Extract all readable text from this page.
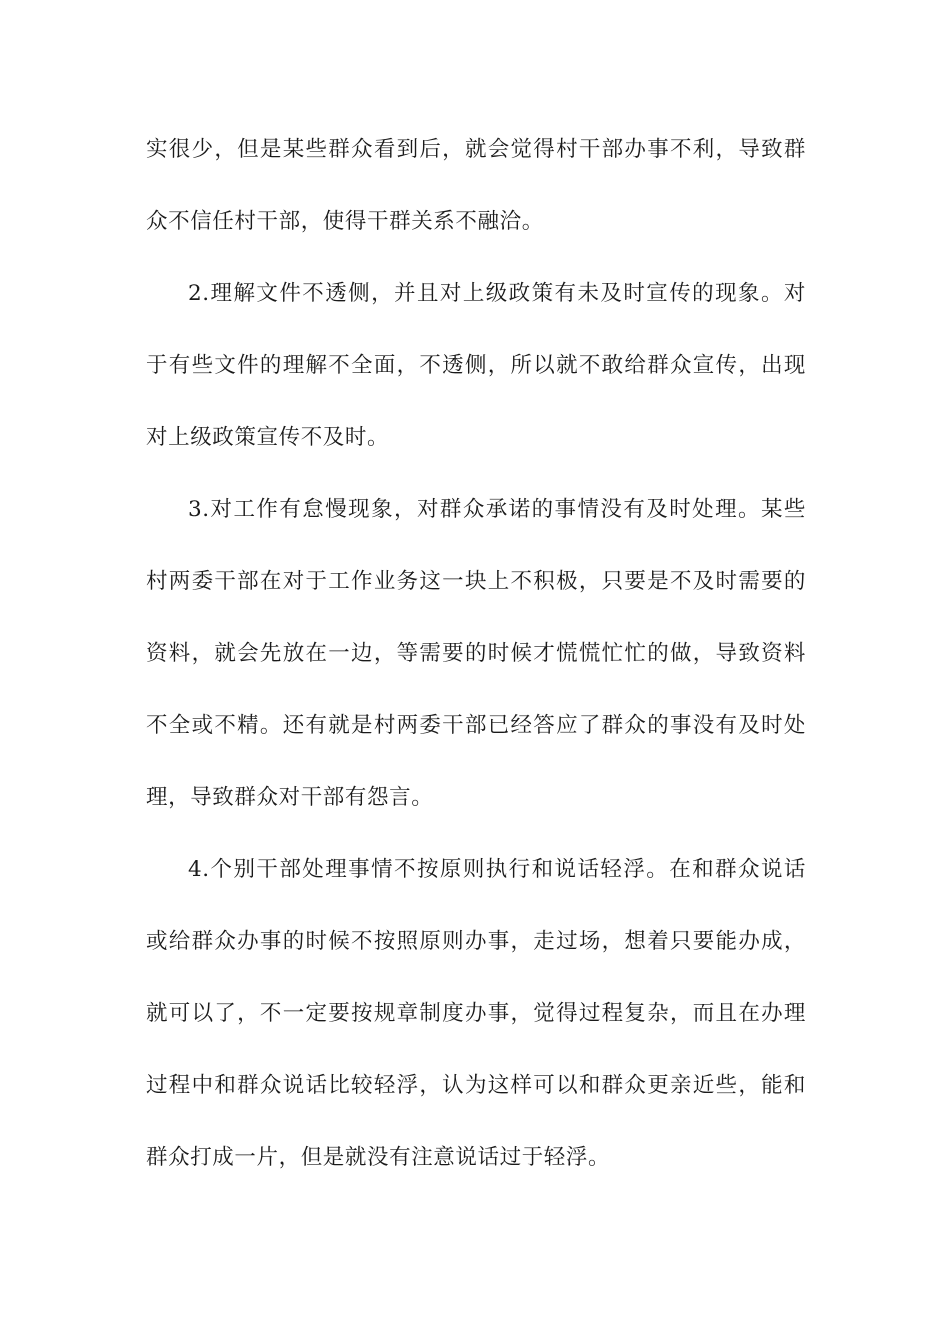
实很少，但是某些群众看到后，就会觉得村干部办事不利，导致群
众不信任村干部，使得干群关系不融洽。
2.理解文件不透侧，并且对上级政策有未及时宣传的现象。对
于有些文件的理解不全面，不透侧，所以就不敢给群众宣传，出现
对上级政策宣传不及时。
3.对工作有怠慢现象，对群众承诺的事情没有及时处理。某些
村两委干部在对于工作业务这一块上不积极，只要是不及时需要的
资料，就会先放在一边，等需要的时候才慌慌忙忙的做，导致资料
不全或不精。还有就是村两委干部已经答应了群众的事没有及时处
理，导致群众对干部有怨言。
4.个别干部处理事情不按原则执行和说话轻浮。在和群众说话
或给群众办事的时候不按照原则办事，走过场，想着只要能办成，
就可以了，不一定要按规章制度办事，觉得过程复杂，而且在办理
过程中和群众说话比较轻浮，认为这样可以和群众更亲近些，能和
群众打成一片，但是就没有注意说话过于轻浮。
